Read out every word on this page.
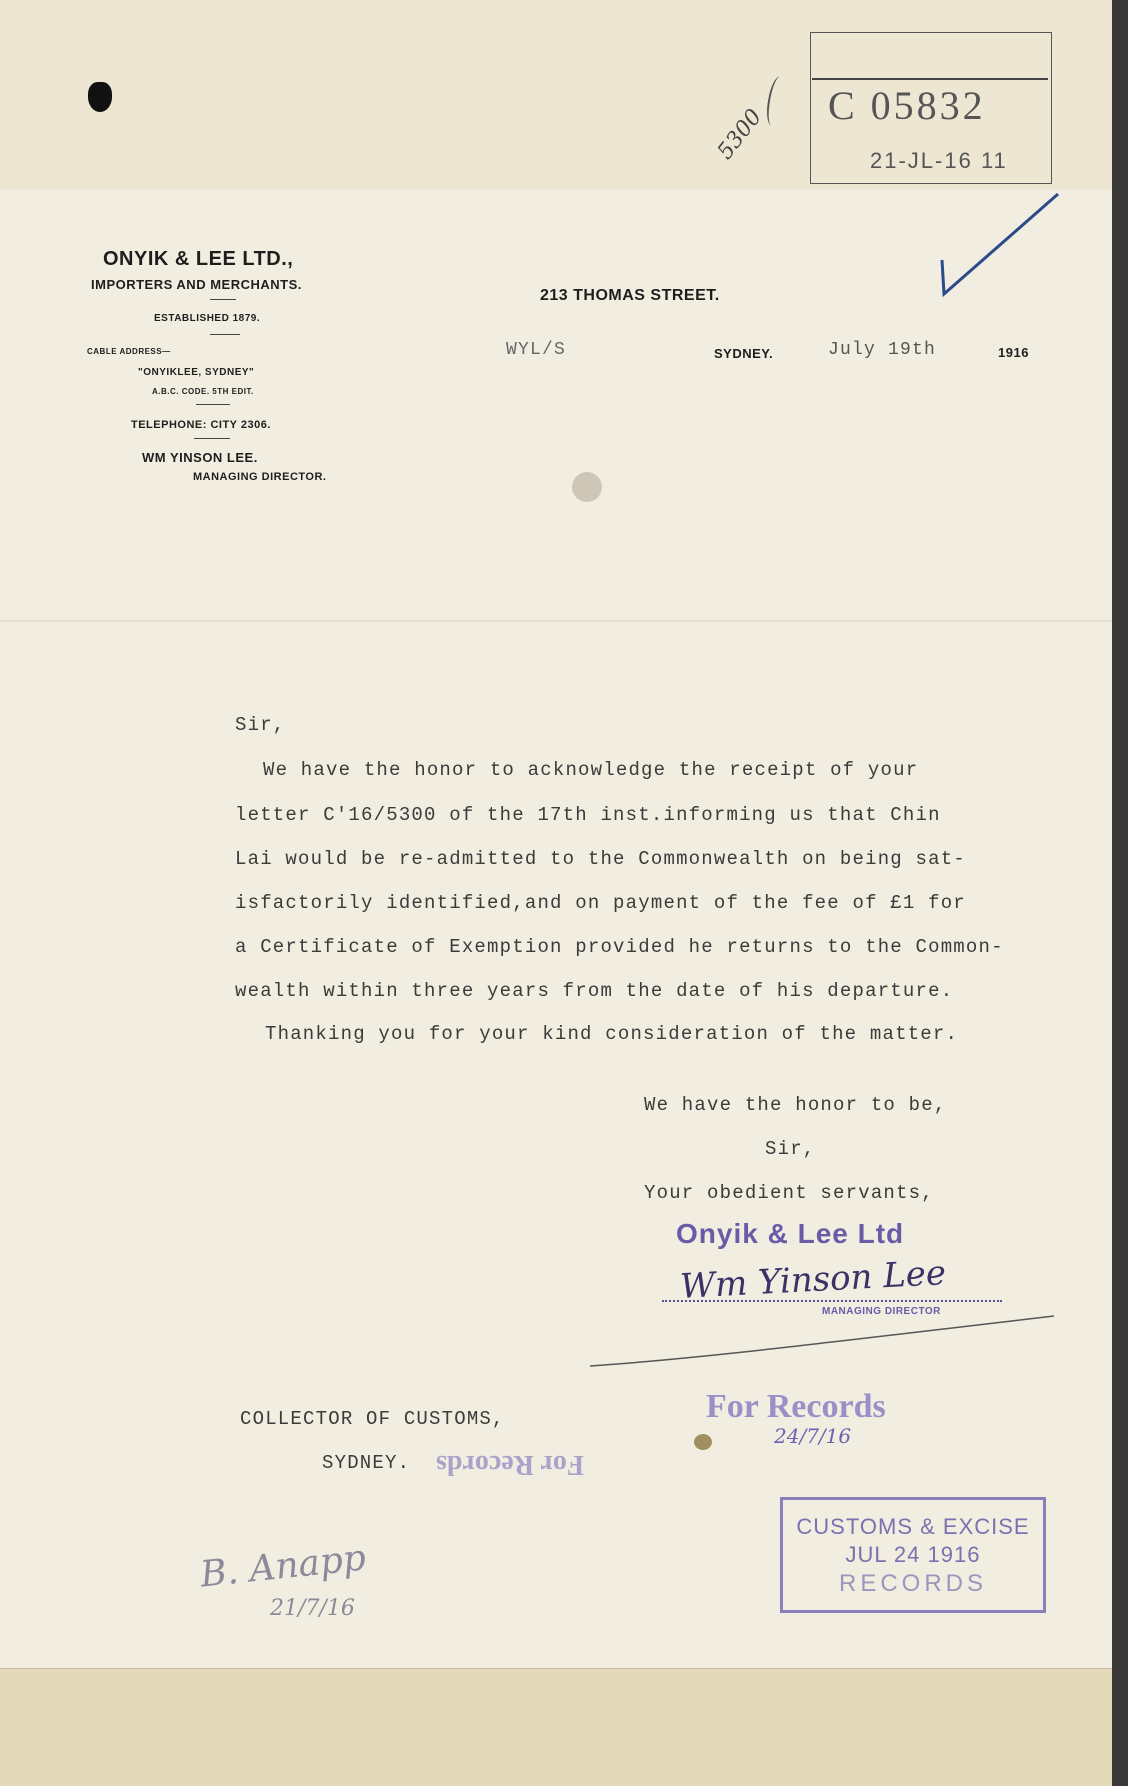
5300 C 05832
21-JL-16 11
ONYIK & LEE LTD.,
IMPORTERS AND MERCHANTS.
ESTABLISHED 1879.
CABLE ADDRESS—
"ONYIKLEE, SYDNEY"
A.B.C. CODE. 5TH EDIT.
TELEPHONE: CITY 2306.
WM YINSON LEE.
MANAGING DIRECTOR.
213 THOMAS STREET.
WYL/S	SYDNEY.	July 19th	1916
Sir,
We have the honor to acknowledge the receipt of your
letter C'16/5300 of the 17th inst.informing us that Chin
Lai would be re-admitted to the Commonwealth on being sat-
isfactorily identified,and on payment of the fee of £1 for
a Certificate of Exemption provided he returns to the Common-
wealth within three years from the date of his departure.
Thanking you for your kind consideration of the matter.
We have the honor to be,
Sir,
Your obedient servants,
Onyik & Lee Ltd
Wm Yinson Lee
MANAGING DIRECTOR
COLLECTOR OF CUSTOMS,
SYDNEY.
For Records
24/7/16
For Records
B. Anapp
21/7/16
CUSTOMS & EXCISE
JUL 24 1916
RECORDS
